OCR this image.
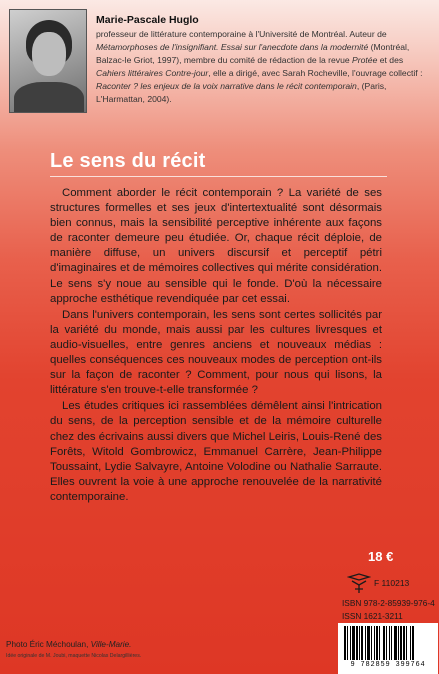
Marie-Pascale Huglo
professeur de littérature contemporaine à l'Université de Montréal. Auteur de Métamorphoses de l'insignifiant. Essai sur l'anecdote dans la modernité (Montréal, Balzac-le Griot, 1997), membre du comité de rédaction de la revue Protée et des Cahiers littéraires Contre-jour, elle a dirigé, avec Sarah Rocheville, l'ouvrage collectif : Raconter ? les enjeux de la voix narrative dans le récit contemporain, (Paris, L'Harmattan, 2004).
Le sens du récit

Comment aborder le récit contemporain ? La variété de ses structures formelles et ses jeux d'intertextualité sont désormais bien connus, mais la sensibilité perceptive inhérente aux façons de raconter demeure peu étudiée. Or, chaque récit déploie, de manière diffuse, un univers discursif et perceptif pétri d'imaginaires et de mémoires collectives qui mérite considération. Le sens s'y noue au sensible qui le fonde. D'où la nécessaire approche esthétique revendiquée par cet essai.

Dans l'univers contemporain, les sens sont certes sollicités par la variété du monde, mais aussi par les cultures livresques et audio-visuelles, entre genres anciens et nouveaux médias : quelles conséquences ces nouveaux modes de perception ont-ils sur la façon de raconter ? Comment, pour nous qui lisons, la littérature s'en trouve-t-elle transformée ?

Les études critiques ici rassemblées démêlent ainsi l'intrication du sens, de la perception sensible et de la mémoire culturelle chez des écrivains aussi divers que Michel Leiris, Louis-René des Forêts, Witold Gombrowicz, Emmanuel Carrère, Jean-Philippe Toussaint, Lydie Salvayre, Antoine Volodine ou Nathalie Sarraute. Elles ouvrent la voie à une approche renouvelée de la narrativité contemporaine.

18 €
F 110213
ISBN 978-2-85939-976-4
ISSN 1621-3211
9 782859 399764
Photo Éric Méchoulan, Ville-Marie.
Idée originale de M. Joubi, maquette Nicolas Delargillières.
